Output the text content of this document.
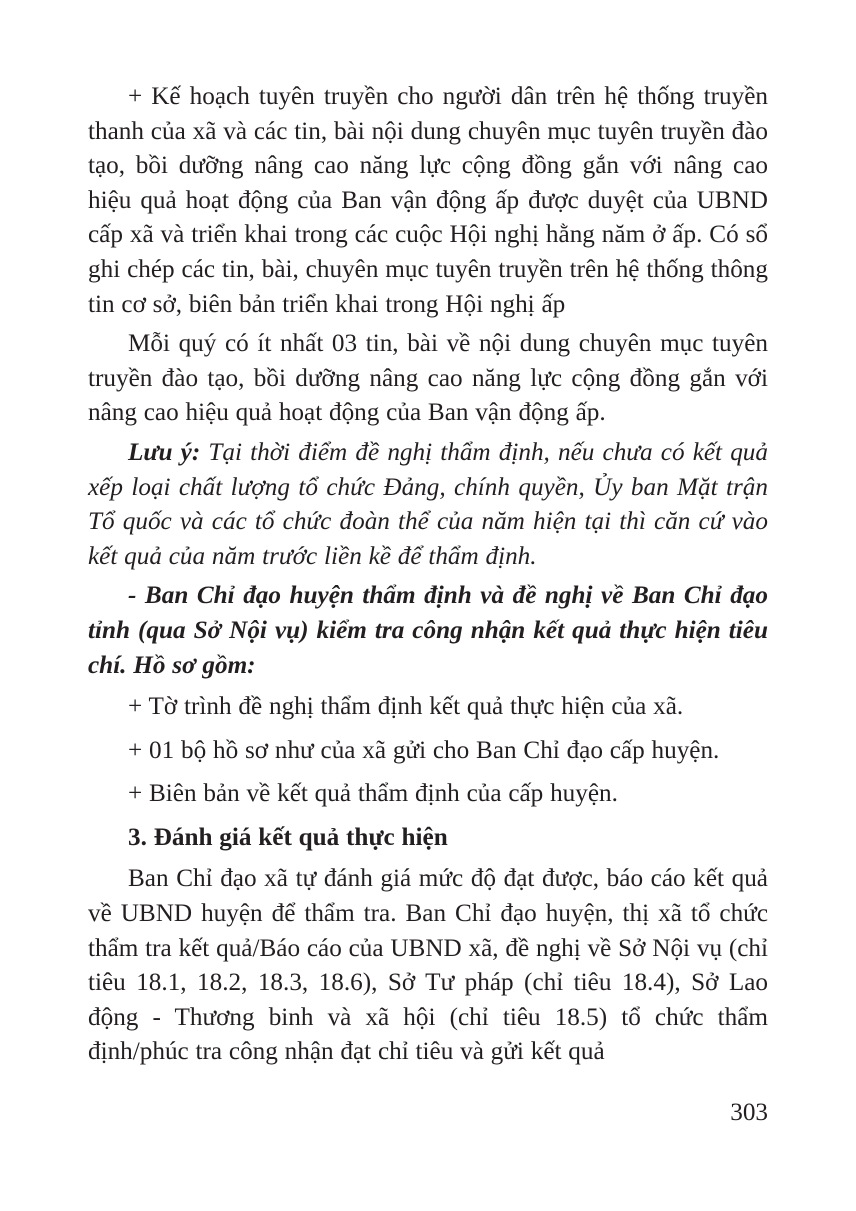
+ Kế hoạch tuyên truyền cho người dân trên hệ thống truyền thanh của xã và các tin, bài nội dung chuyên mục tuyên truyền đào tạo, bồi dưỡng nâng cao năng lực cộng đồng gắn với nâng cao hiệu quả hoạt động của Ban vận động ấp được duyệt của UBND cấp xã và triển khai trong các cuộc Hội nghị hằng năm ở ấp. Có sổ ghi chép các tin, bài, chuyên mục tuyên truyền trên hệ thống thông tin cơ sở, biên bản triển khai trong Hội nghị ấp

Mỗi quý có ít nhất 03 tin, bài về nội dung chuyên mục tuyên truyền đào tạo, bồi dưỡng nâng cao năng lực cộng đồng gắn với nâng cao hiệu quả hoạt động của Ban vận động ấp.

Lưu ý: Tại thời điểm đề nghị thẩm định, nếu chưa có kết quả xếp loại chất lượng tổ chức Đảng, chính quyền, Ủy ban Mặt trận Tổ quốc và các tổ chức đoàn thể của năm hiện tại thì căn cứ vào kết quả của năm trước liền kề để thẩm định.

- Ban Chỉ đạo huyện thẩm định và đề nghị về Ban Chỉ đạo tỉnh (qua Sở Nội vụ) kiểm tra công nhận kết quả thực hiện tiêu chí. Hồ sơ gồm:

+ Tờ trình đề nghị thẩm định kết quả thực hiện của xã.

+ 01 bộ hồ sơ như của xã gửi cho Ban Chỉ đạo cấp huyện.

+ Biên bản về kết quả thẩm định của cấp huyện.

3. Đánh giá kết quả thực hiện

Ban Chỉ đạo xã tự đánh giá mức độ đạt được, báo cáo kết quả về UBND huyện để thẩm tra. Ban Chỉ đạo huyện, thị xã tổ chức thẩm tra kết quả/Báo cáo của UBND xã, đề nghị về Sở Nội vụ (chỉ tiêu 18.1, 18.2, 18.3, 18.6), Sở Tư pháp (chỉ tiêu 18.4), Sở Lao động - Thương binh và xã hội (chỉ tiêu 18.5) tổ chức thẩm định/phúc tra công nhận đạt chỉ tiêu và gửi kết quả

303
